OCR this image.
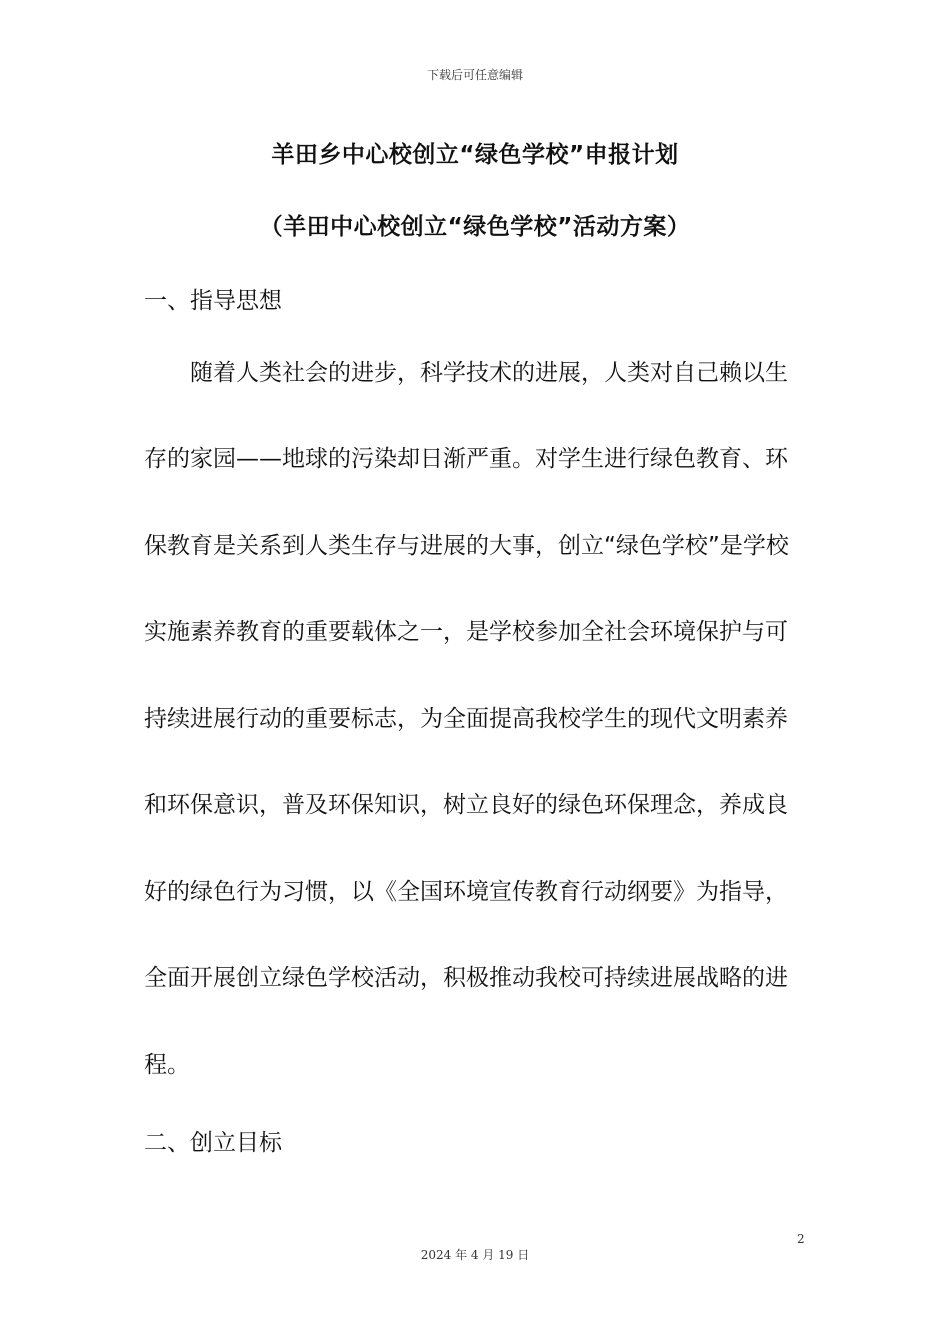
下载后可任意编辑
羊田乡中心校创立“绿色学校”申报计划
（羊田中心校创立“绿色学校”活动方案）
一、指导思想
　　随着人类社会的进步，科学技术的进展，人类对自己赖以生
存的家园——地球的污染却日渐严重。对学生进行绿色教育、环
保教育是关系到人类生存与进展的大事，创立“绿色学校”是学校
实施素养教育的重要载体之一，是学校参加全社会环境保护与可
持续进展行动的重要标志，为全面提高我校学生的现代文明素养
和环保意识，普及环保知识，树立良好的绿色环保理念，养成良
好的绿色行为习惯，以《全国环境宣传教育行动纲要》为指导，
全面开展创立绿色学校活动，积极推动我校可持续进展战略的进
程。
二、创立目标
2
2024 年 4 月 19 日
